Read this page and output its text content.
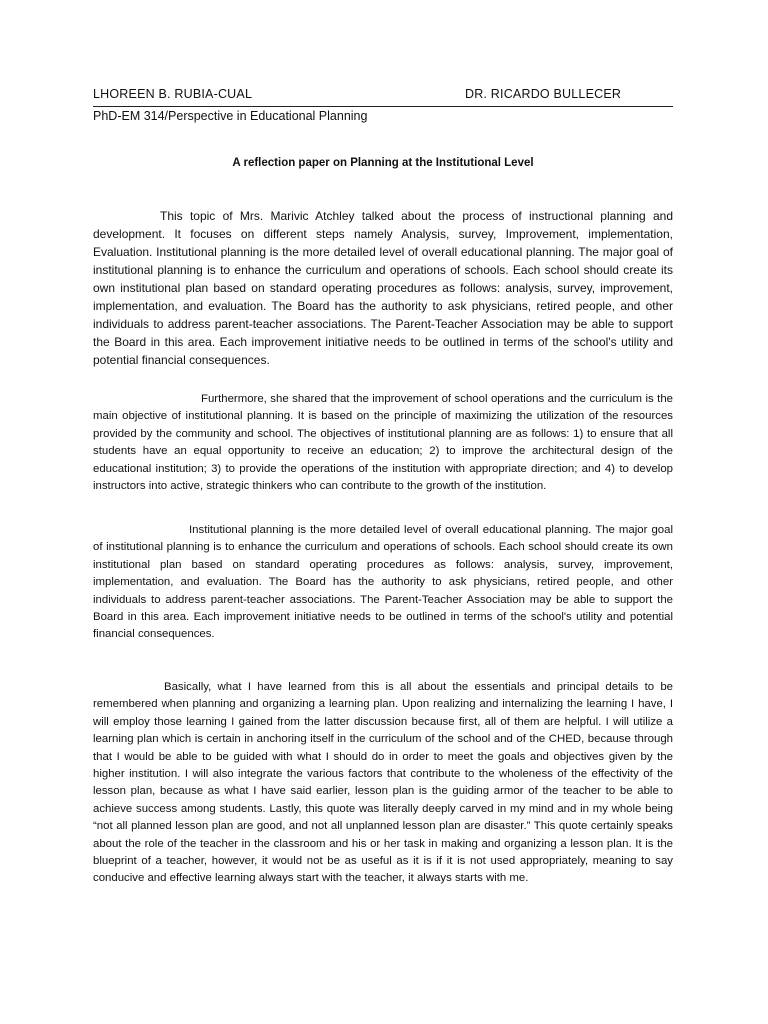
LHOREEN B. RUBIA-CUAL	DR. RICARDO BULLECER
PhD-EM 314/Perspective in Educational Planning
A reflection paper on Planning at the Institutional Level
This topic of Mrs. Marivic Atchley talked about the process of instructional planning and development. It focuses on different steps namely Analysis, survey, Improvement, implementation, Evaluation. Institutional planning is the more detailed level of overall educational planning. The major goal of institutional planning is to enhance the curriculum and operations of schools. Each school should create its own institutional plan based on standard operating procedures as follows: analysis, survey, improvement, implementation, and evaluation. The Board has the authority to ask physicians, retired people, and other individuals to address parent-teacher associations. The Parent-Teacher Association may be able to support the Board in this area. Each improvement initiative needs to be outlined in terms of the school's utility and potential financial consequences.
Furthermore, she shared that the improvement of school operations and the curriculum is the main objective of institutional planning. It is based on the principle of maximizing the utilization of the resources provided by the community and school. The objectives of institutional planning are as follows: 1) to ensure that all students have an equal opportunity to receive an education; 2) to improve the architectural design of the educational institution; 3) to provide the operations of the institution with appropriate direction; and 4) to develop instructors into active, strategic thinkers who can contribute to the growth of the institution.
Institutional planning is the more detailed level of overall educational planning. The major goal of institutional planning is to enhance the curriculum and operations of schools. Each school should create its own institutional plan based on standard operating procedures as follows: analysis, survey, improvement, implementation, and evaluation. The Board has the authority to ask physicians, retired people, and other individuals to address parent-teacher associations. The Parent-Teacher Association may be able to support the Board in this area. Each improvement initiative needs to be outlined in terms of the school's utility and potential financial consequences.
Basically, what I have learned from this is all about the essentials and principal details to be remembered when planning and organizing a learning plan. Upon realizing and internalizing the learning I have, I will employ those learning I gained from the latter discussion because first, all of them are helpful. I will utilize a learning plan which is certain in anchoring itself in the curriculum of the school and of the CHED, because through that I would be able to be guided with what I should do in order to meet the goals and objectives given by the higher institution. I will also integrate the various factors that contribute to the wholeness of the effectivity of the lesson plan, because as what I have said earlier, lesson plan is the guiding armor of the teacher to be able to achieve success among students. Lastly, this quote was literally deeply carved in my mind and in my whole being “not all planned lesson plan are good, and not all unplanned lesson plan are disaster.” This quote certainly speaks about the role of the teacher in the classroom and his or her task in making and organizing a lesson plan. It is the blueprint of a teacher, however, it would not be as useful as it is if it is not used appropriately, meaning to say conducive and effective learning always start with the teacher, it always starts with me.
